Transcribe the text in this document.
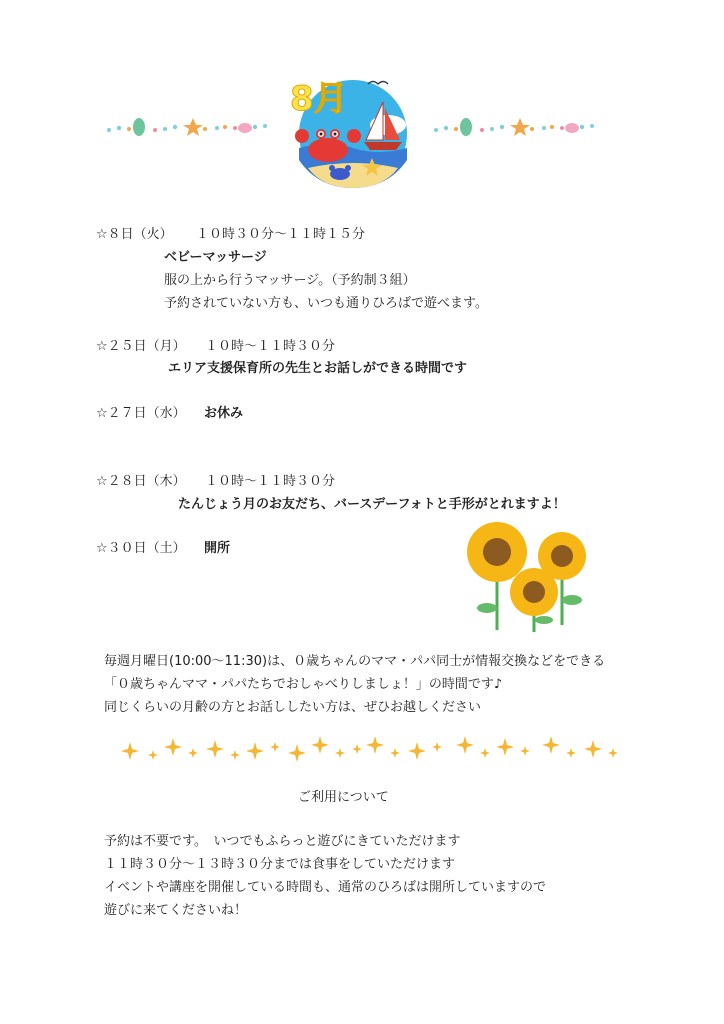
8月
☆８日（火） １０時３０分〜１１時１５分
ベビーマッサージ
服の上から行うマッサージ。（予約制３組）
予約されていない方も、いつも通りひろばで遊べます。
☆２５日（月） １０時〜１１時３０分
エリア支援保育所の先生とお話しができる時間です
☆２７日（水） お休み
☆２８日（木） １０時〜１１時３０分
たんじょう月のお友だち、バースデーフォトと手形がとれますよ！
☆３０日（土） 開所
毎週月曜日(10:00〜11:30)は、０歳ちゃんのママ・パパ同士が情報交換などをできる
「０歳ちゃんママ・パパたちでおしゃべりしましょ！」の時間です♪
同じくらいの月齢の方とお話ししたい方は、ぜひお越しください
ご利用について
予約は不要です。　いつでもふらっと遊びにきていただけます
１１時３０分〜１３時３０分までは食事をしていただけます
イベントや講座を開催している時間も、通常のひろばは開所していますので
遊びに来てくださいね！
